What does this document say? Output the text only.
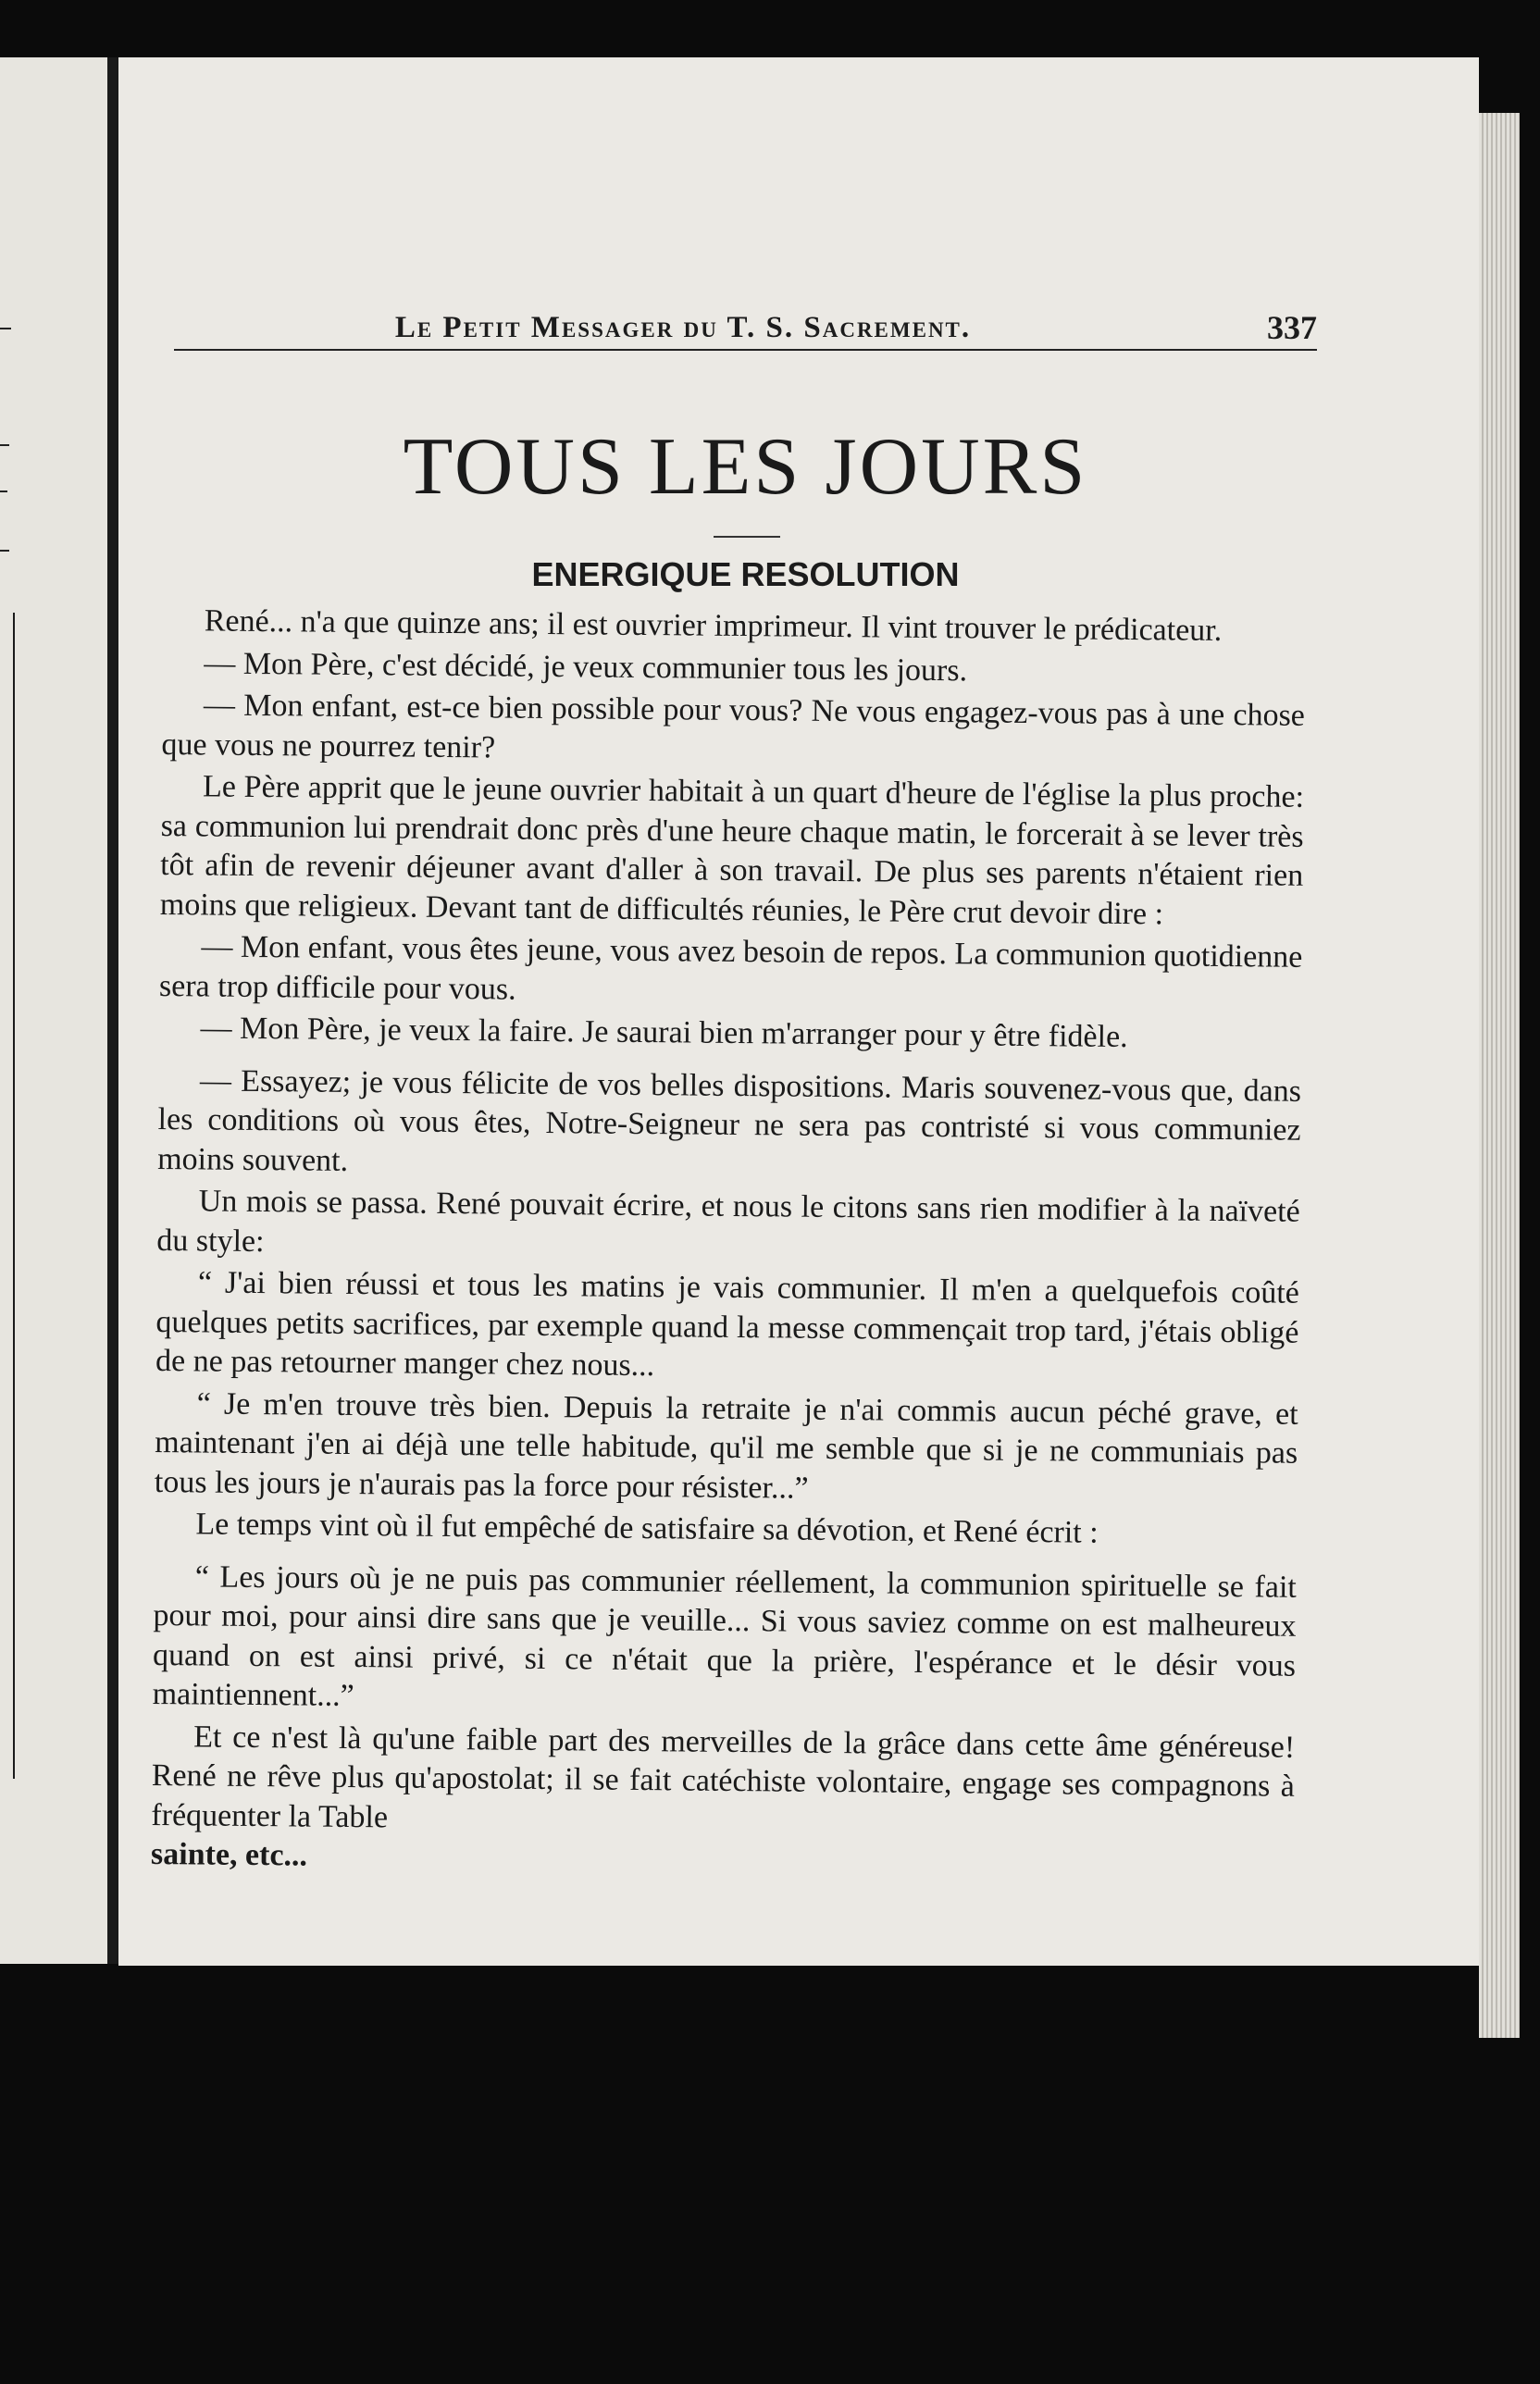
Le Petit Messager du T. S. Sacrement.	337
TOUS LES JOURS
ENERGIQUE RESOLUTION

René... n'a que quinze ans; il est ouvrier imprimeur. Il vint trouver le prédicateur.

— Mon Père, c'est décidé, je veux communier tous les jours.

— Mon enfant, est-ce bien possible pour vous? Ne vous engagez-vous pas à une chose que vous ne pourrez tenir?

Le Père apprit que le jeune ouvrier habitait à un quart d'heure de l'église la plus proche: sa communion lui prendrait donc près d'une heure chaque matin, le forcerait à se lever très tôt afin de revenir déjeuner avant d'aller à son travail. De plus ses parents n'étaient rien moins que religieux. Devant tant de difficultés réunies, le Père crut devoir dire :

— Mon enfant, vous êtes jeune, vous avez besoin de repos. La communion quotidienne sera trop difficile pour vous.

— Mon Père, je veux la faire. Je saurai bien m'arranger pour y être fidèle.

— Essayez; je vous félicite de vos belles dispositions. Maris souvenez-vous que, dans les conditions où vous êtes, Notre-Seigneur ne sera pas contristé si vous communiez moins souvent.

Un mois se passa. René pouvait écrire, et nous le citons sans rien modifier à la naïveté du style:

“ J'ai bien réussi et tous les matins je vais communier. Il m'en a quelquefois coûté quelques petits sacrifices, par exemple quand la messe commençait trop tard, j'étais obligé de ne pas retourner manger chez nous...

“ Je m'en trouve très bien. Depuis la retraite je n'ai commis aucun péché grave, et maintenant j'en ai déjà une telle habitude, qu'il me semble que si je ne communiais pas tous les jours je n'aurais pas la force pour résister...”

Le temps vint où il fut empêché de satisfaire sa dévotion, et René écrit :

“ Les jours où je ne puis pas communier réellement, la communion spirituelle se fait pour moi, pour ainsi dire sans que je veuille... Si vous saviez comme on est malheureux quand on est ainsi privé, si ce n'était que la prière, l'espérance et le désir vous maintiennent...”

Et ce n'est là qu'une faible part des merveilles de la grâce dans cette âme généreuse! René ne rêve plus qu'apostolat; il se fait catéchiste volontaire, engage ses compagnons à fréquenter la Table

sainte, etc...
